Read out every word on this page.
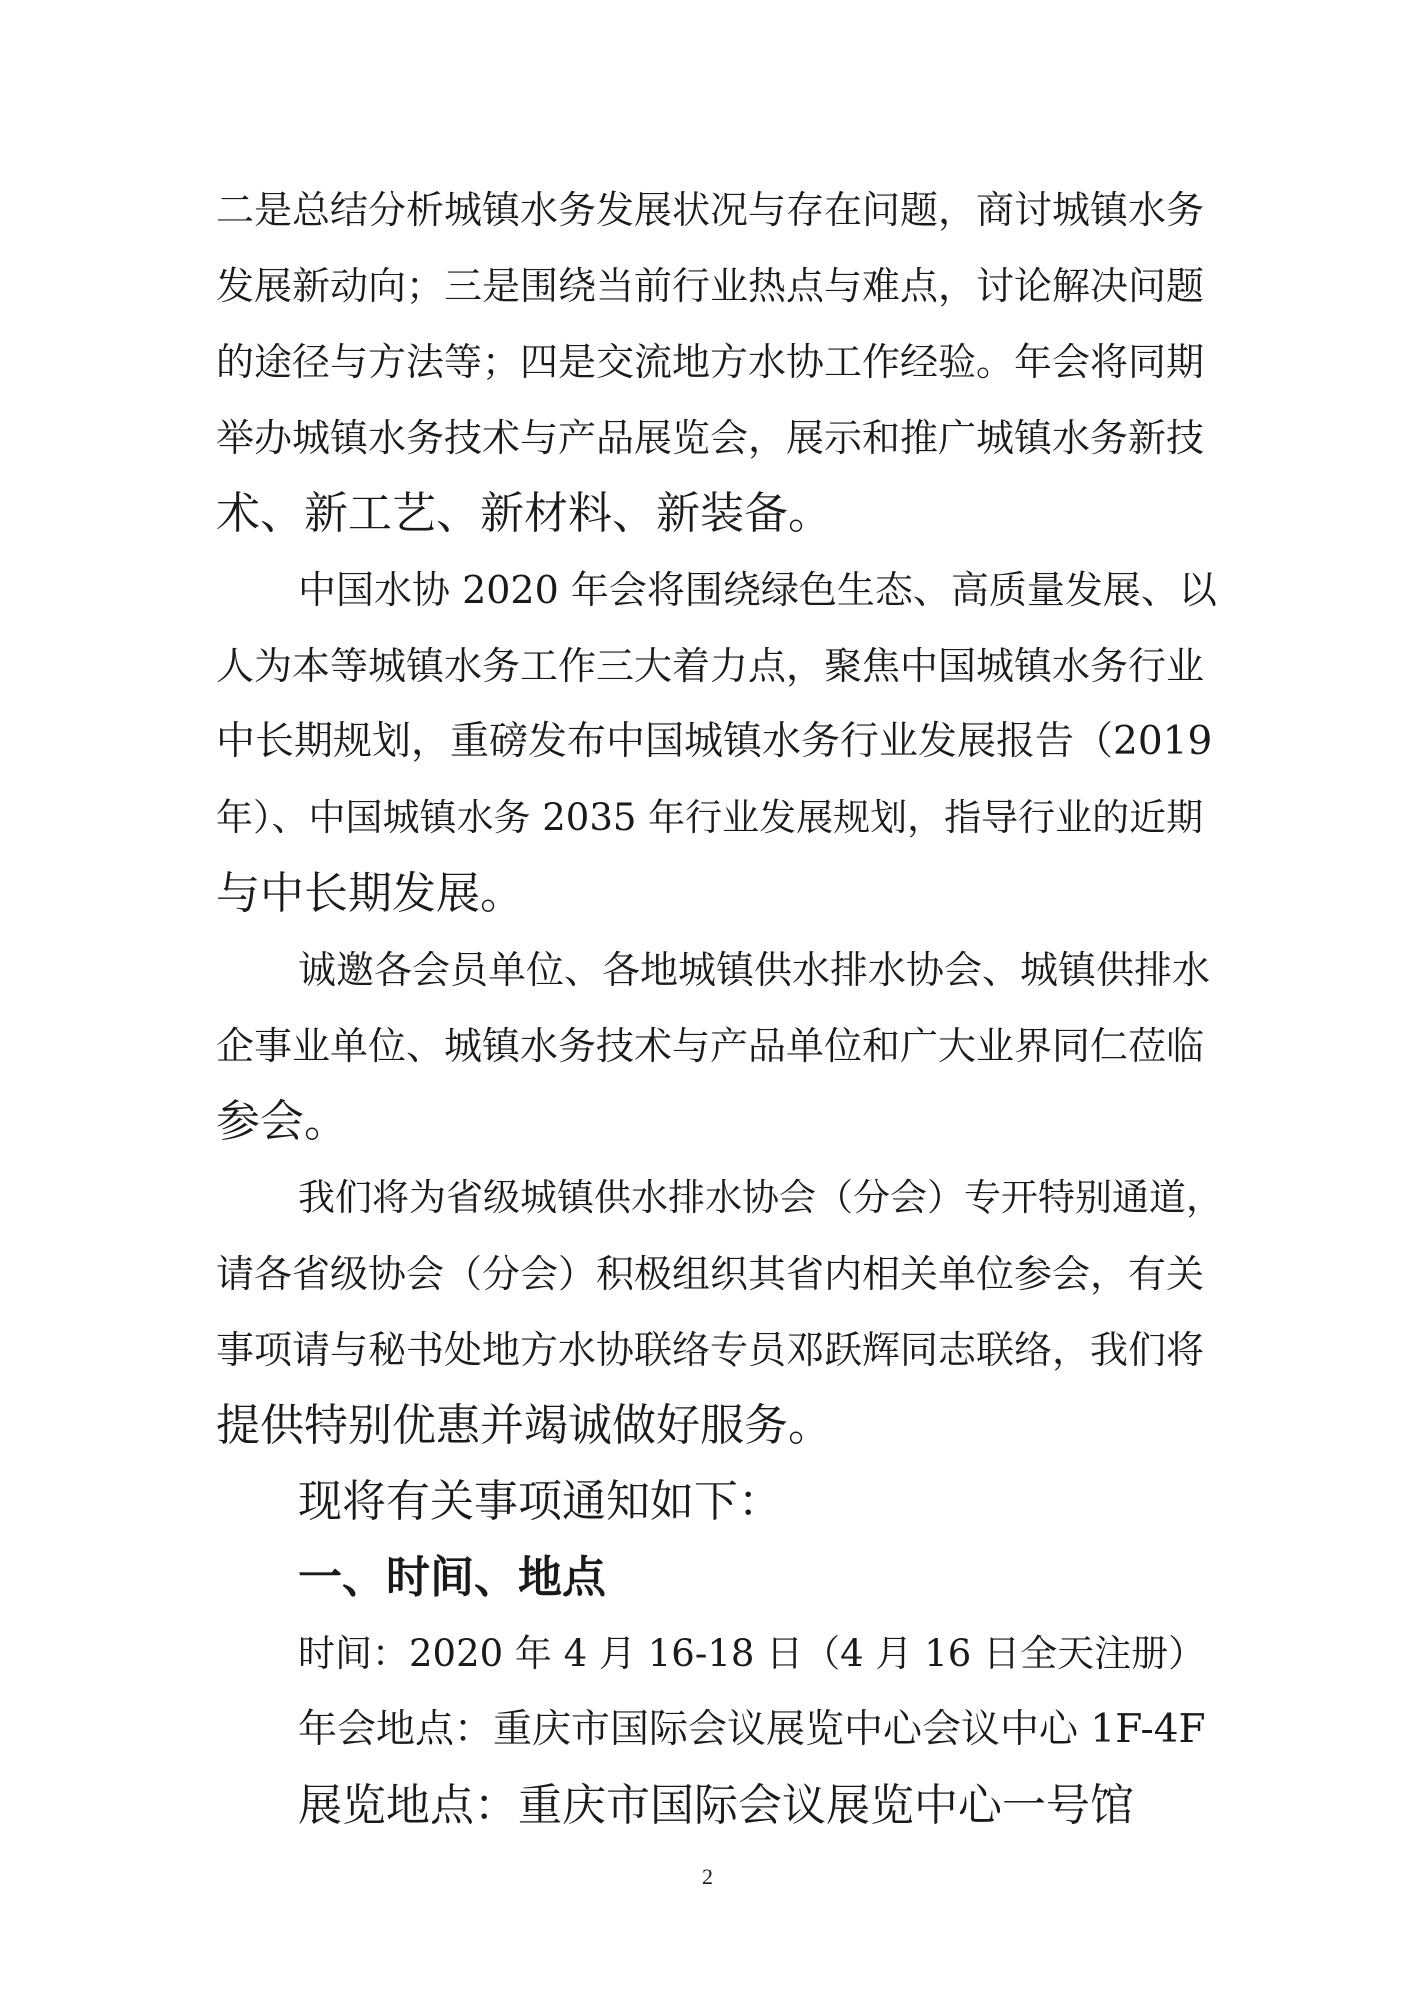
二是总结分析城镇水务发展状况与存在问题，商讨城镇水务
发展新动向；三是围绕当前行业热点与难点，讨论解决问题
的途径与方法等；四是交流地方水协工作经验。年会将同期
举办城镇水务技术与产品展览会，展示和推广城镇水务新技
术、新工艺、新材料、新装备。
中国水协 2020 年会将围绕绿色生态、高质量发展、以
人为本等城镇水务工作三大着力点，聚焦中国城镇水务行业
中长期规划，重磅发布中国城镇水务行业发展报告（2019
年）、中国城镇水务 2035 年行业发展规划，指导行业的近期
与中长期发展。
诚邀各会员单位、各地城镇供水排水协会、城镇供排水
企事业单位、城镇水务技术与产品单位和广大业界同仁莅临
参会。
我们将为省级城镇供水排水协会（分会）专开特别通道，
请各省级协会（分会）积极组织其省内相关单位参会，有关
事项请与秘书处地方水协联络专员邓跃辉同志联络，我们将
提供特别优惠并竭诚做好服务。
现将有关事项通知如下：
一、时间、地点
时间：2020 年 4 月 16-18 日（4 月 16 日全天注册）
年会地点：重庆市国际会议展览中心会议中心 1F-4F
展览地点：重庆市国际会议展览中心一号馆
2
